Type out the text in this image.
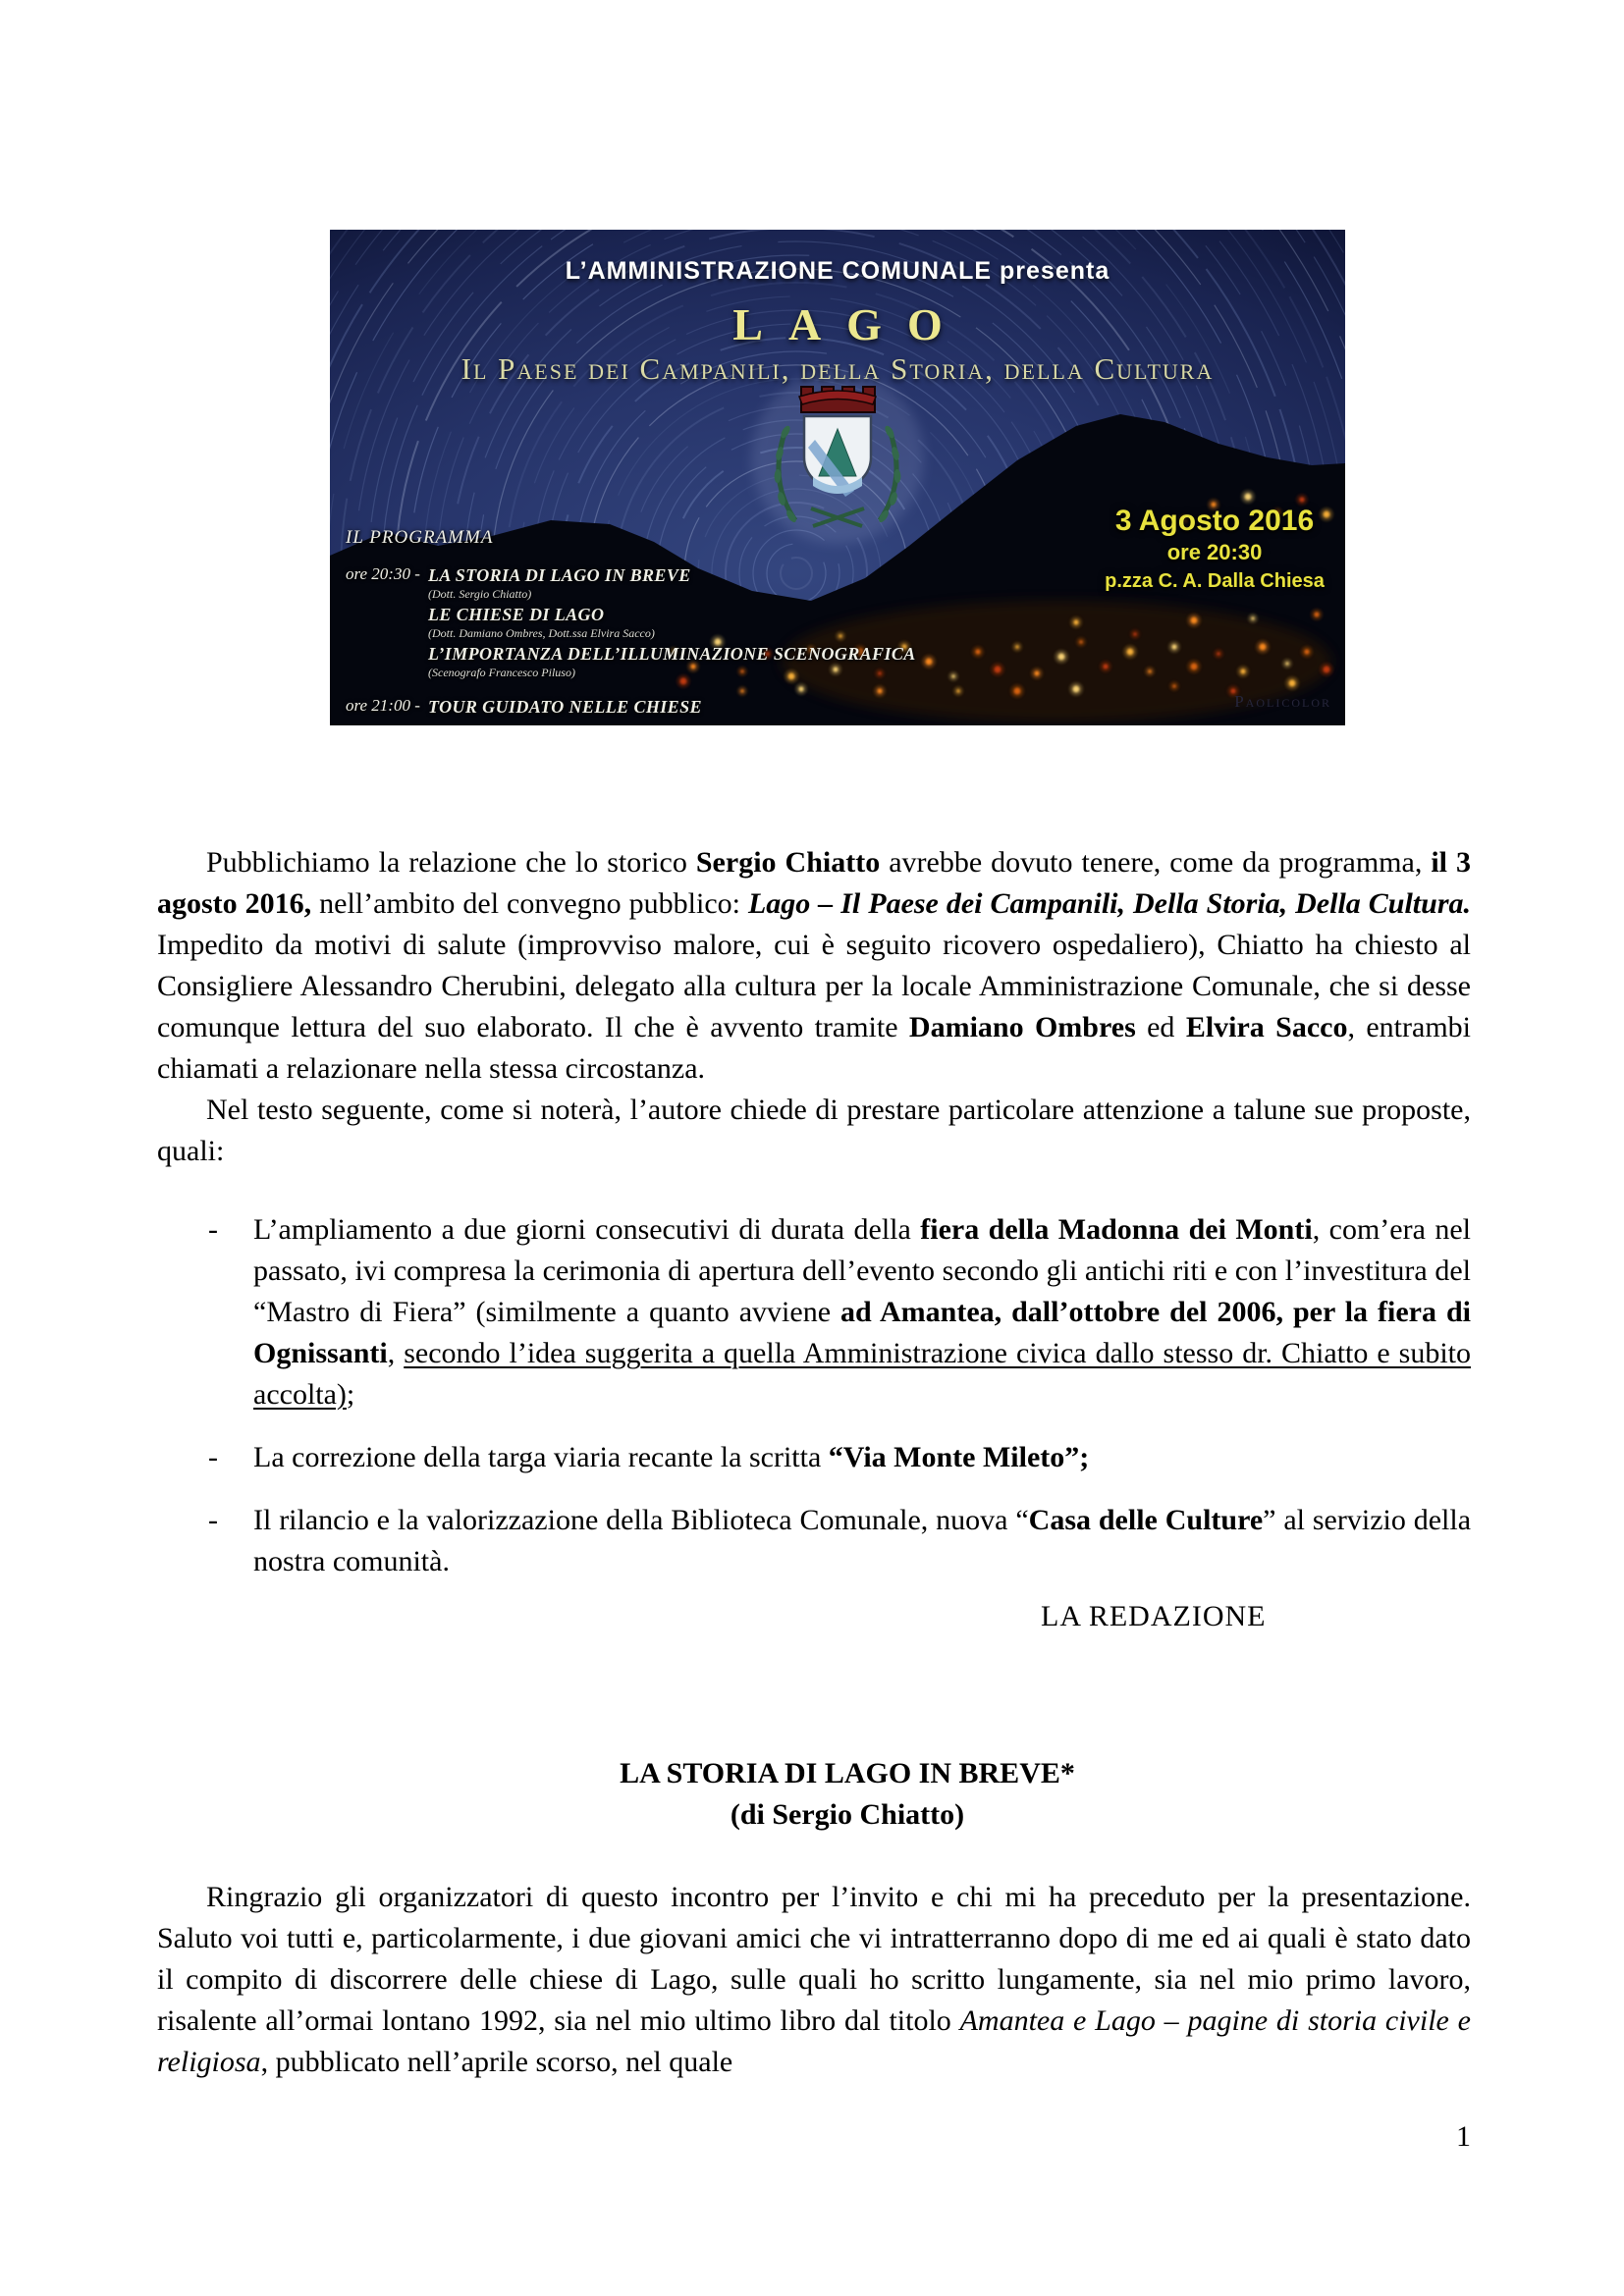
L’AMMINISTRAZIONE COMUNALE presenta
LAGO
Il Paese dei Campanili, della Storia, della Cultura
IL PROGRAMMA
ore 20:30 - LA STORIA DI LAGO IN BREVE
(Dott. Sergio Chiatto)
LE CHIESE DI LAGO
(Dott. Damiano Ombres, Dott.ssa Elvira Sacco)
L’IMPORTANZA DELL’ILLUMINAZIONE SCENOGRAFICA
(Scenografo Francesco Piluso)
ore 21:00 - TOUR GUIDATO NELLE CHIESE
3 Agosto 2016
ore 20:30
p.zza C. A. Dalla Chiesa
Paolicolor
Pubblichiamo la relazione che lo storico Sergio Chiatto avrebbe dovuto tenere, come da programma, il 3 agosto 2016, nell’ambito del convegno pubblico: Lago – Il Paese dei Campanili, Della Storia, Della Cultura. Impedito da motivi di salute (improvviso malore, cui è seguito ricovero ospedaliero), Chiatto ha chiesto al Consigliere Alessandro Cherubini, delegato alla cultura per la locale Amministrazione Comunale, che si desse comunque lettura del suo elaborato. Il che è avvento tramite Damiano Ombres ed Elvira Sacco, entrambi chiamati a relazionare nella stessa circostanza.
Nel testo seguente, come si noterà, l’autore chiede di prestare particolare attenzione a talune sue proposte, quali:
-	L’ampliamento a due giorni consecutivi di durata della fiera della Madonna dei Monti, com’era nel passato, ivi compresa la cerimonia di apertura dell’evento secondo gli antichi riti e con l’investitura del “Mastro di Fiera” (similmente a quanto avviene ad Amantea, dall’ottobre del 2006, per la fiera di Ognissanti, secondo l’idea suggerita a quella Amministrazione civica dallo stesso dr. Chiatto e subito accolta);
-	La correzione della targa viaria recante la scritta “Via Monte Mileto”;
-	Il rilancio e la valorizzazione della Biblioteca Comunale, nuova “Casa delle Culture” al servizio della nostra comunità.
LA REDAZIONE
LA STORIA DI LAGO IN BREVE*
(di Sergio Chiatto)
Ringrazio gli organizzatori di questo incontro per l’invito e chi mi ha preceduto per la presentazione. Saluto voi tutti e, particolarmente, i due giovani amici che vi intratterranno dopo di me ed ai quali è stato dato il compito di discorrere delle chiese di Lago, sulle quali ho scritto lungamente, sia nel mio primo lavoro, risalente all’ormai lontano 1992, sia nel mio ultimo libro dal titolo Amantea e Lago – pagine di storia civile e religiosa, pubblicato nell’aprile scorso, nel quale
1
